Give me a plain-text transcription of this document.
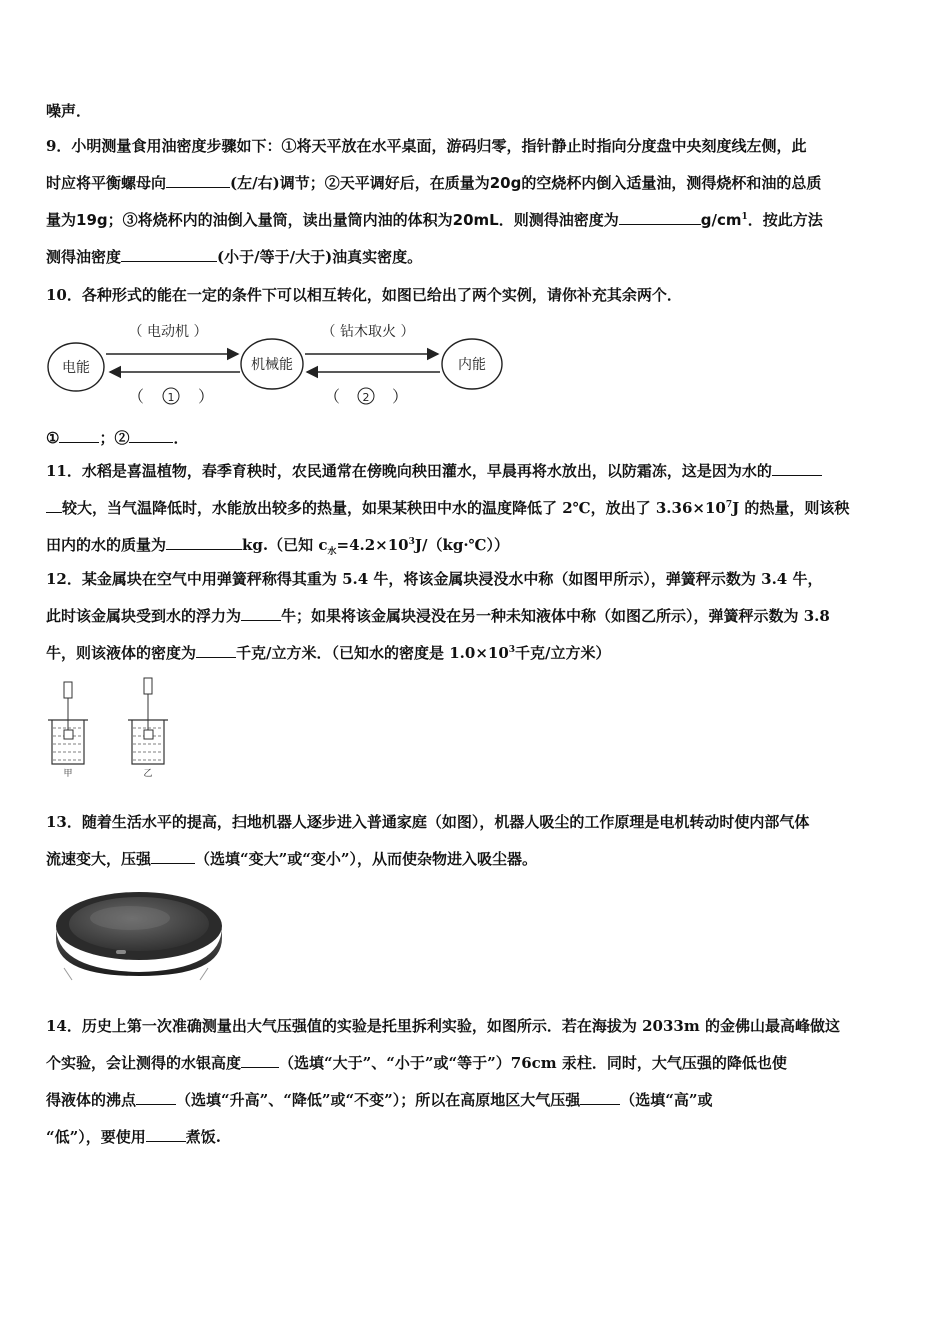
噪声．
9．小明测量食用油密度步骤如下：①将天平放在水平桌面，游码归零，指针静止时指向分度盘中央刻度线左侧，此
时应将平衡螺母向	(左/右)调节；②天平调好后，在质量为20g的空烧杯内倒入适量油，测得烧杯和油的总质
量为19g；③将烧杯内的油倒入量筒，读出量筒内油的体积为20mL．则测得油密度为	$g/cm^1$．按此方法
测得油密度	(小于/等于/大于)油真实密度。
10．各种形式的能在一定的条件下可以相互转化，如图已给出了两个实例，请你补充其余两个．
电能	机械能	内能
（ 电动机 ）	（ 钻木取火 ）
（ 1 ）	（ 2 ）
①	；②	．
11．水稻是喜温植物，春季育秧时，农民通常在傍晚向秧田灌水，早晨再将水放出，以防霜冻，这是因为水的
较大，当气温降低时，水能放出较多的热量，如果某秧田中水的温度降低了 2℃，放出了 $3.36\times 10^7J$ 的热量，则该秧
田内的水的质量为	kg.（已知 $c_水=4.2\times 10^3J/(kg\cdot℃)$）
12．某金属块在空气中用弹簧秤称得其重为 5.4 牛，将该金属块浸没水中称（如图甲所示），弹簧秤示数为 3.4 牛，
此时该金属块受到水的浮力为	牛；如果将该金属块浸没在另一种未知液体中称（如图乙所示），弹簧秤示数为 3.8
牛，则该液体的密度为	千克/立方米．（已知水的密度是 $1.0\times 10^3$千克/立方米）
甲	乙
13．随着生活水平的提高，扫地机器人逐步进入普通家庭（如图），机器人吸尘的工作原理是电机转动时使内部气体
流速变大，压强	（选填“变大”或“变小”），从而使杂物进入吸尘器。
14．历史上第一次准确测量出大气压强值的实验是托里拆利实验，如图所示．若在海拔为 2033m 的金佛山最高峰做这
个实验，会让测得的水银高度	（选填“大于”、“小于”或“等于”）76cm 汞柱．同时，大气压强的降低也使
得液体的沸点	（选填“升高”、“降低”或“不变”）；所以在高原地区大气压强	（选填“高”或
“低”），要使用	煮饭.
